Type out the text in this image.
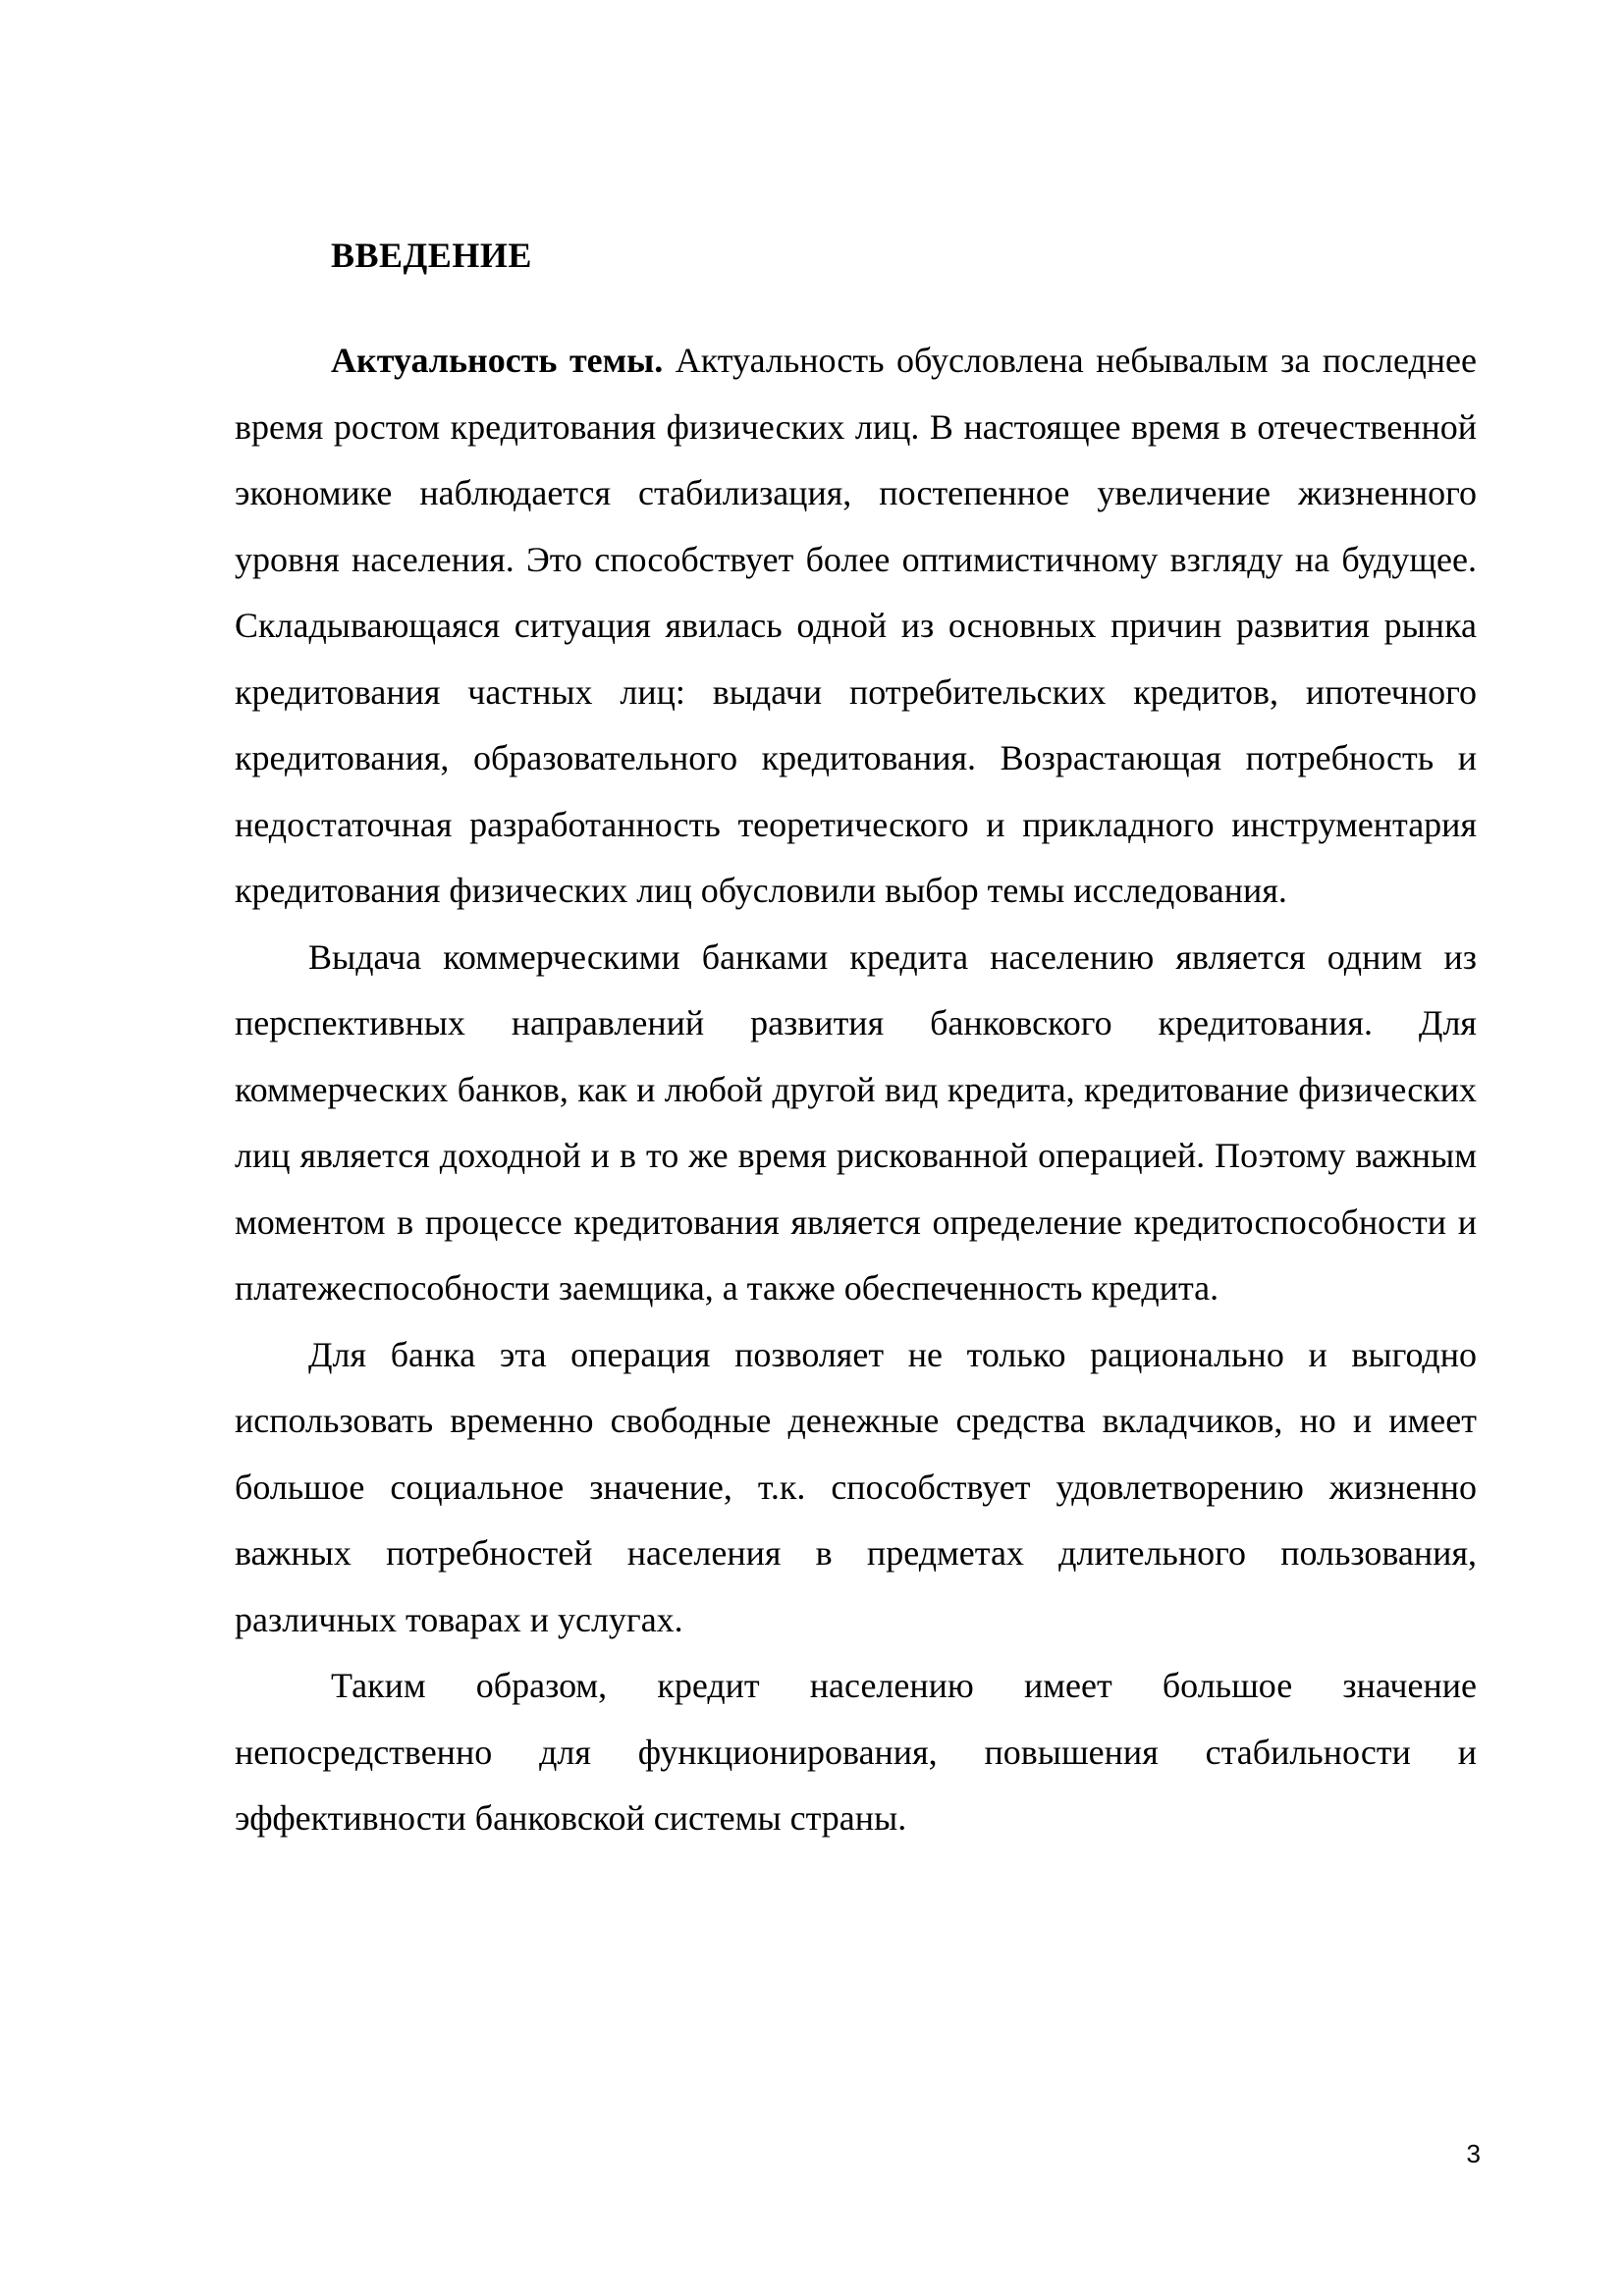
ВВЕДЕНИЕ

Актуальность темы. Актуальность обусловлена небывалым за последнее время ростом кредитования физических лиц. В настоящее время в отечественной экономике наблюдается стабилизация, постепенное увеличение жизненного уровня населения. Это способствует более оптимистичному взгляду на будущее. Складывающаяся ситуация явилась одной из основных причин развития рынка кредитования частных лиц: выдачи потребительских кредитов, ипотечного кредитования, образовательного кредитования. Возрастающая потребность и недостаточная разработанность теоретического и прикладного инструментария кредитования физических лиц обусловили выбор темы исследования.

Выдача коммерческими банками кредита населению является одним из перспективных направлений развития банковского кредитования. Для коммерческих банков, как и любой другой вид кредита, кредитование физических лиц является доходной и в то же время рискованной операцией. Поэтому важным моментом в процессе кредитования является определение кредитоспособности и платежеспособности заемщика, а также обеспеченность кредита.

Для банка эта операция позволяет не только рационально и выгодно использовать временно свободные денежные средства вкладчиков, но и имеет большое социальное значение, т.к. способствует удовлетворению жизненно важных потребностей населения в предметах длительного пользования, различных товарах и услугах.

Таким образом, кредит населению имеет большое значение непосредственно для функционирования, повышения стабильности и эффективности банковской системы страны.

3
